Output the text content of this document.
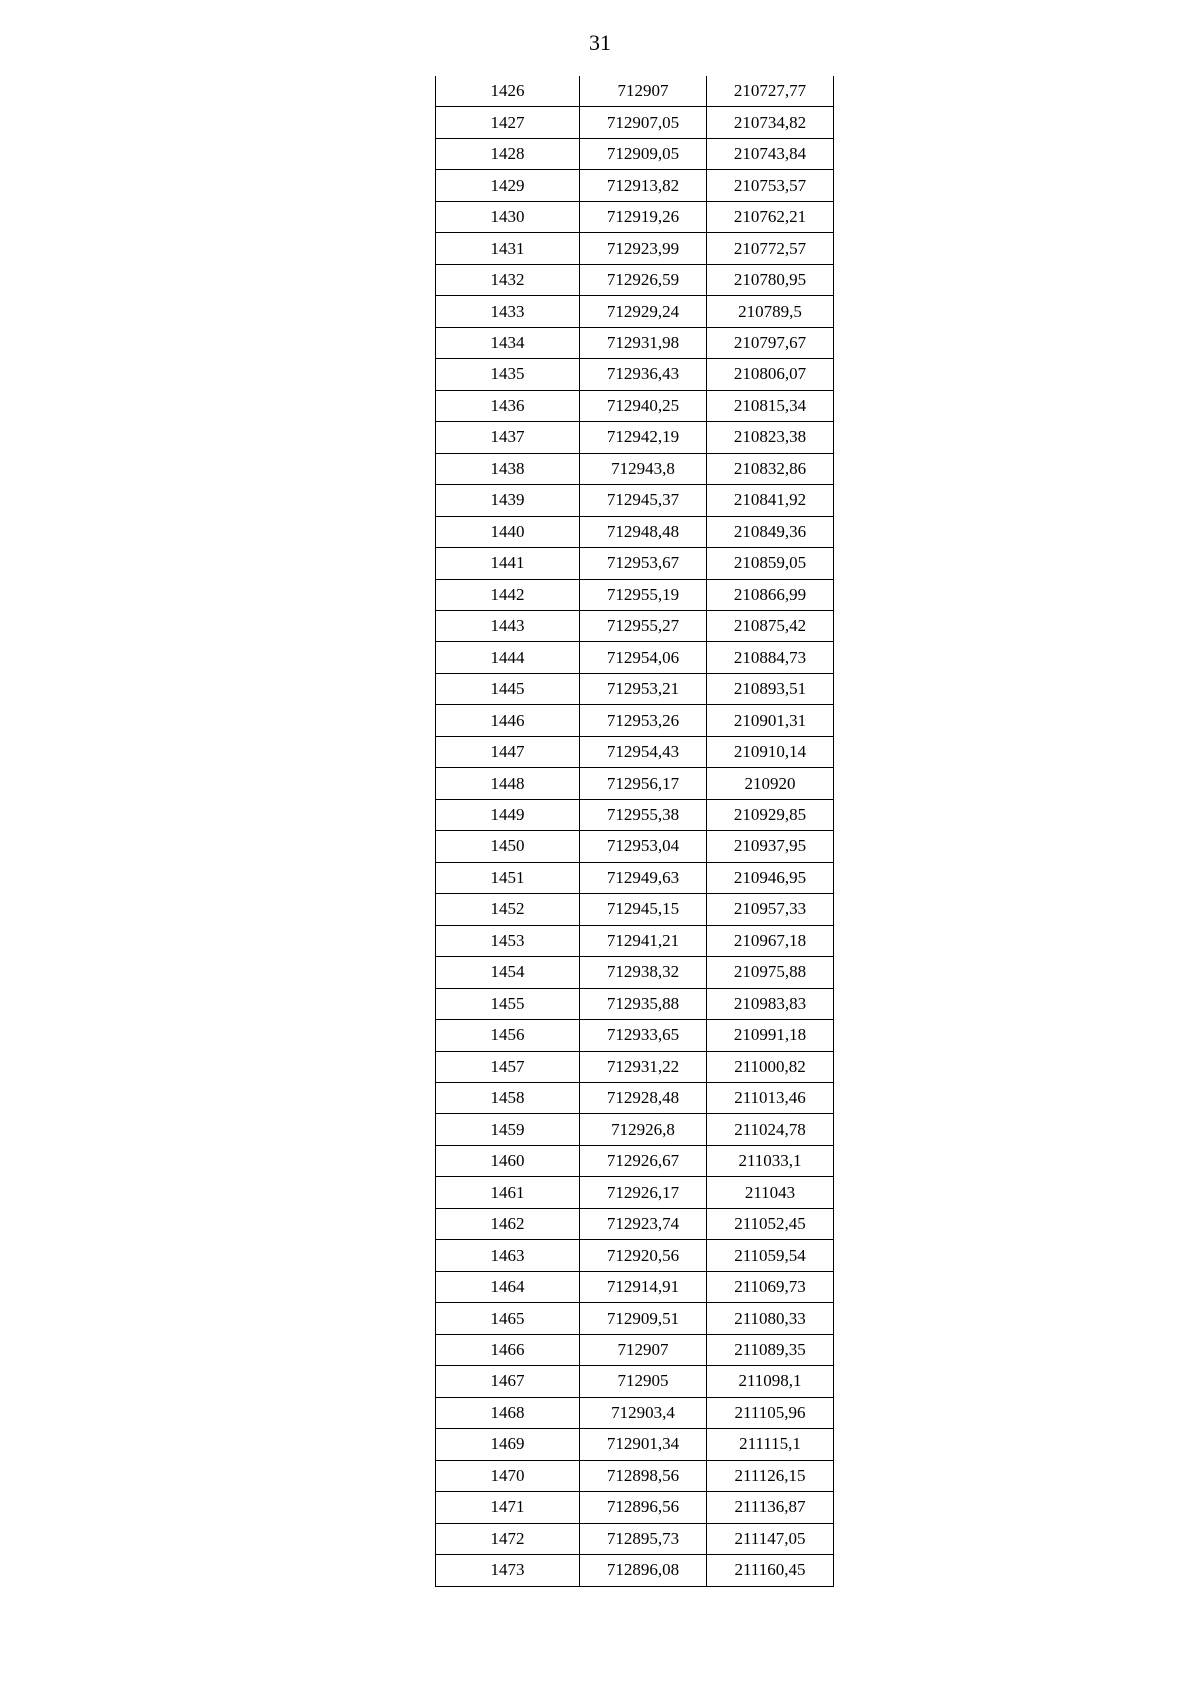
31
1426	712907	210727,77
1427	712907,05	210734,82
1428	712909,05	210743,84
1429	712913,82	210753,57
1430	712919,26	210762,21
1431	712923,99	210772,57
1432	712926,59	210780,95
1433	712929,24	210789,5
1434	712931,98	210797,67
1435	712936,43	210806,07
1436	712940,25	210815,34
1437	712942,19	210823,38
1438	712943,8	210832,86
1439	712945,37	210841,92
1440	712948,48	210849,36
1441	712953,67	210859,05
1442	712955,19	210866,99
1443	712955,27	210875,42
1444	712954,06	210884,73
1445	712953,21	210893,51
1446	712953,26	210901,31
1447	712954,43	210910,14
1448	712956,17	210920
1449	712955,38	210929,85
1450	712953,04	210937,95
1451	712949,63	210946,95
1452	712945,15	210957,33
1453	712941,21	210967,18
1454	712938,32	210975,88
1455	712935,88	210983,83
1456	712933,65	210991,18
1457	712931,22	211000,82
1458	712928,48	211013,46
1459	712926,8	211024,78
1460	712926,67	211033,1
1461	712926,17	211043
1462	712923,74	211052,45
1463	712920,56	211059,54
1464	712914,91	211069,73
1465	712909,51	211080,33
1466	712907	211089,35
1467	712905	211098,1
1468	712903,4	211105,96
1469	712901,34	211115,1
1470	712898,56	211126,15
1471	712896,56	211136,87
1472	712895,73	211147,05
1473	712896,08	211160,45
